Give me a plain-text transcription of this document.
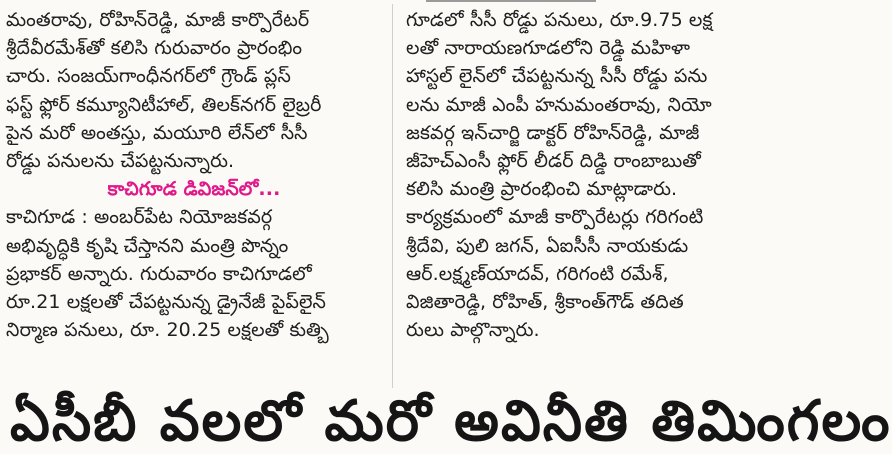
మంతరావు, రోహిన్‌రెడ్డి, మాజీ కార్పొరేటర్
శ్రీదేవీరమేశ్‌తో కలిసి గురువారం ప్రారంభిం
చారు. సంజయ్‌గాంధీనగర్‌లో గ్రౌండ్ ప్లస్
ఫస్ట్ ఫ్లోర్ కమ్యూనిటీహాల్, తిలక్‌నగర్ లైబ్రరీ
పైన మరో అంతస్తు, మయూరి లేన్‌లో సీసీ
రోడ్డు పనులను చేపట్టనున్నారు.
కాచిగూడ డివిజన్‌లో...
కాచిగూడ : అంబర్‌పేట నియోజకవర్గ
అభివృద్ధికి కృషి చేస్తానని మంత్రి పొన్నం
ప్రభాకర్ అన్నారు. గురువారం కాచిగూడలో
రూ.21 లక్షలతో చేపట్టనున్న డ్రైనేజీ పైప్‌లైన్
నిర్మాణ పనులు, రూ. 20.25 లక్షలతో కుత్బి
గూడలో సీసీ రోడ్డు పనులు, రూ.9.75 లక్ష
లతో నారాయణగూడలోని రెడ్డి మహిళా
హాస్టల్ లైన్‌లో చేపట్టనున్న సీసీ రోడ్డు పను
లను మాజీ ఎంపీ హనుమంతరావు, నియో
జకవర్గ ఇన్‌చార్జి డాక్టర్ రోహిన్‌రెడ్డి, మాజీ
జీహెచ్ఎంసీ ఫ్లోర్ లీడర్ దిడ్డి రాంబాబుతో
కలిసి మంత్రి ప్రారంభించి మాట్లాడారు.
కార్యక్రమంలో మాజీ కార్పొరేటర్లు గరిగంటి
శ్రీదేవి, పులి జగన్, ఏఐసీసీ నాయకుడు
ఆర్.లక్ష్మణ్‌యాదవ్, గరిగంటి రమేశ్,
విజితారెడ్డి, రోహిత్, శ్రీకాంత్‌గౌడ్ తదిత
రులు పాల్గొన్నారు.
ఏసీబీ వలలో మరో అవినీతి తిమింగలం
